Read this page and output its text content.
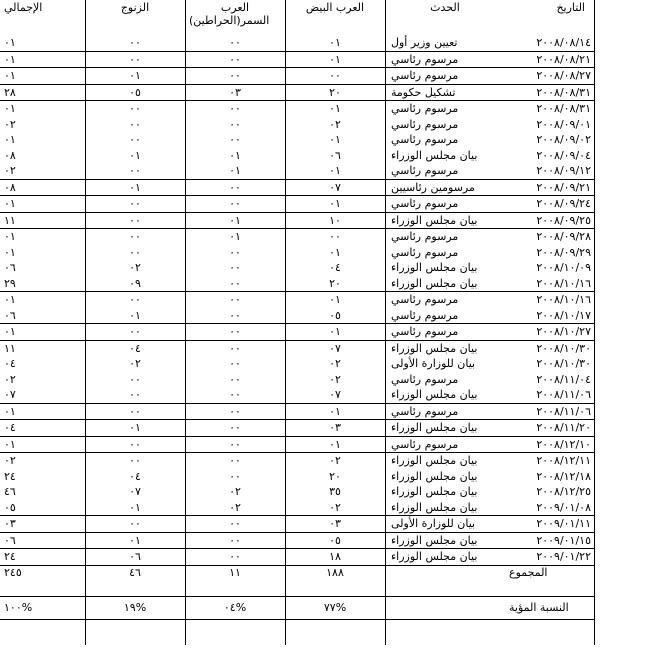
التاريخ	الحدث	العرب البيض	العرب
السمر(الحراطين)	الزنوج	الإجمالي
٢٠٠٨/٠٨/١٤	تعيين وزير أول	٠١	٠٠	٠٠	٠١
٢٠٠٨/٠٨/٢١	مرسوم رئاسي	٠١	٠٠	٠٠	٠١
٢٠٠٨/٠٨/٢٧	مرسوم رئاسي	٠٠	٠٠	٠١	٠١
٢٠٠٨/٠٨/٣١	تشكيل حكومة	٢٠	٠٣	٠٥	٢٨
٢٠٠٨/٠٨/٣١	مرسوم رئاسي	٠١	٠٠	٠٠	٠١
٢٠٠٨/٠٩/٠١	مرسوم رئاسي	٠٢	٠٠	٠٠	٠٢
٢٠٠٨/٠٩/٠٢	مرسوم رئاسي	٠١	٠٠	٠٠	٠١
٢٠٠٨/٠٩/٠٤	بيان مجلس الوزراء	٠٦	٠١	٠١	٠٨
٢٠٠٨/٠٩/١٢	مرسوم رئاسي	٠١	٠١	٠٠	٠٢
٢٠٠٨/٠٩/٢١	مرسومين رئاسيين	٠٧	٠٠	٠١	٠٨
٢٠٠٨/٠٩/٢٤	مرسوم رئاسي	٠١	٠٠	٠٠	٠١
٢٠٠٨/٠٩/٢٥	بيان مجلس الوزراء	١٠	٠١	٠٠	١١
٢٠٠٨/٠٩/٢٨	مرسوم رئاسي	٠٠	٠١	٠٠	٠١
٢٠٠٨/٠٩/٢٩	مرسوم رئاسي	٠١	٠٠	٠٠	٠١
٢٠٠٨/١٠/٠٩	بيان مجلس الوزراء	٠٤	٠٠	٠٢	٠٦
٢٠٠٨/١٠/١٦	بيان مجلس الوزراء	٢٠	٠٠	٠٩	٢٩
٢٠٠٨/١٠/١٦	مرسوم رئاسي	٠١	٠٠	٠٠	٠١
٢٠٠٨/١٠/١٧	مرسوم رئاسي	٠٥	٠٠	٠١	٠٦
٢٠٠٨/١٠/٢٧	مرسوم رئاسي	٠١	٠٠	٠٠	٠١
٢٠٠٨/١٠/٣٠	بيان مجلس الوزراء	٠٧	٠٠	٠٤	١١
٢٠٠٨/١٠/٣٠	بيان للوزارة الأولى	٠٢	٠٠	٠٢	٠٤
٢٠٠٨/١١/٠٤	مرسوم رئاسي	٠٢	٠٠	٠٠	٠٢
٢٠٠٨/١١/٠٦	بيان مجلس الوزراء	٠٧	٠٠	٠٠	٠٧
٢٠٠٨/١١/٠٦	مرسوم رئاسي	٠١	٠٠	٠٠	٠١
٢٠٠٨/١١/٢٠	بيان مجلس الوزراء	٠٣	٠٠	٠١	٠٤
٢٠٠٨/١٢/١٠	مرسوم رئاسي	٠١	٠٠	٠٠	٠١
٢٠٠٨/١٢/١١	بيان مجلس الوزراء	٠٢	٠٠	٠٠	٠٢
٢٠٠٨/١٢/١٨	بيان مجلس الوزراء	٢٠	٠٠	٠٤	٢٤
٢٠٠٨/١٢/٢٥	بيان مجلس الوزراء	٣٥	٠٢	٠٧	٤٦
٢٠٠٩/٠١/٠٨	بيان مجلس الوزراء	٠٢	٠٢	٠١	٠٥
٢٠٠٩/٠١/١١	بيان للوزارة الأولى	٠٣	٠٠	٠٠	٠٣
٢٠٠٩/٠١/١٥	بيان مجلس الوزراء	٠٥	٠٠	٠١	٠٦
٢٠٠٩/٠١/٢٢	بيان مجلس الوزراء	١٨	٠٠	٠٦	٢٤
المجموع		١٨٨	١١	٤٦	٢٤٥
النسبة المؤية		%٧٧	%٠٤	%١٩	%١٠٠
